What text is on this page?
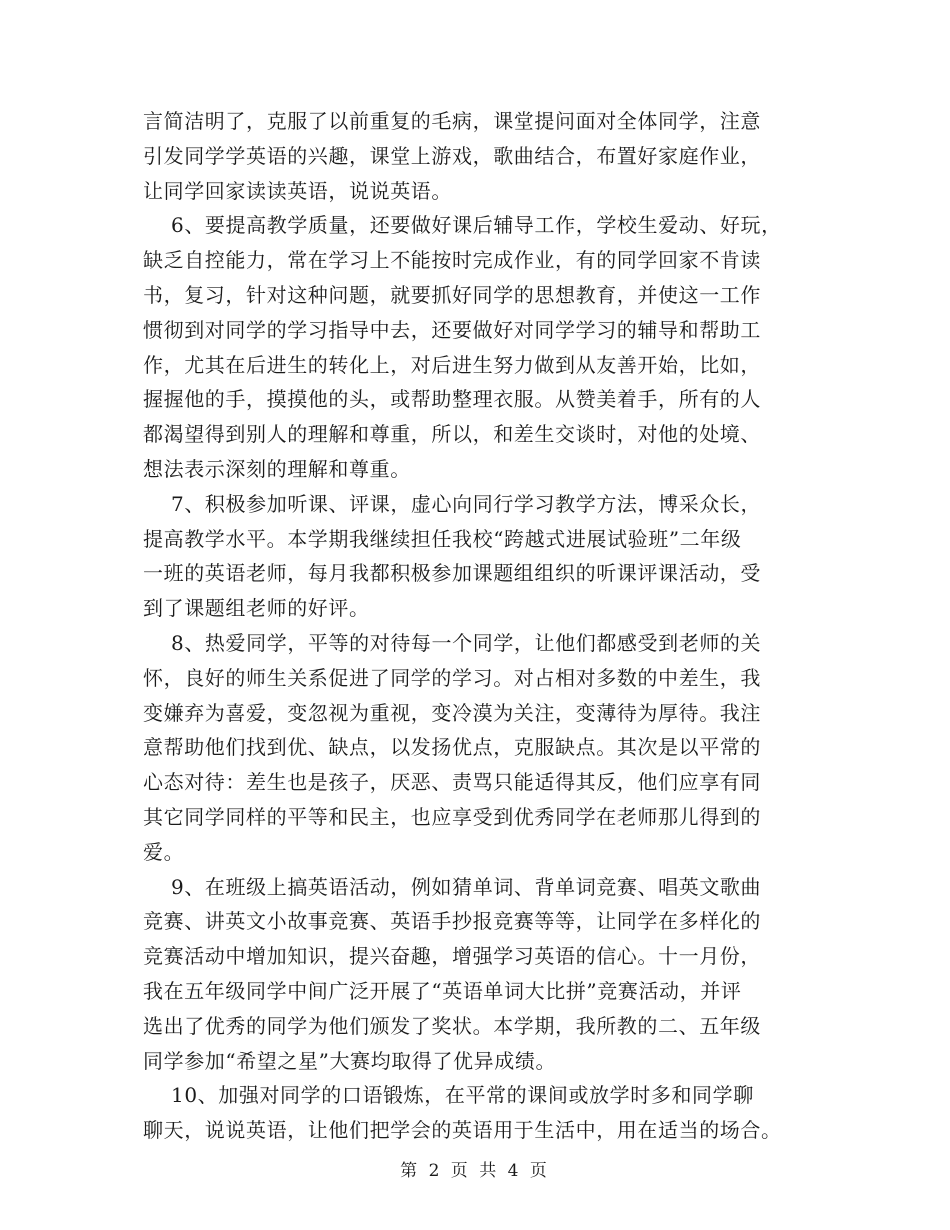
言简洁明了，克服了以前重复的毛病，课堂提问面对全体同学，注意
引发同学学英语的兴趣，课堂上游戏，歌曲结合，布置好家庭作业，
让同学回家读读英语，说说英语。
6、要提高教学质量，还要做好课后辅导工作，学校生爱动、好玩，
缺乏自控能力，常在学习上不能按时完成作业，有的同学回家不肯读
书，复习，针对这种问题，就要抓好同学的思想教育，并使这一工作
惯彻到对同学的学习指导中去，还要做好对同学学习的辅导和帮助工
作，尤其在后进生的转化上，对后进生努力做到从友善开始，比如，
握握他的手，摸摸他的头，或帮助整理衣服。从赞美着手，所有的人
都渴望得到别人的理解和尊重，所以，和差生交谈时，对他的处境、
想法表示深刻的理解和尊重。
7、积极参加听课、评课，虚心向同行学习教学方法，博采众长，
提高教学水平。本学期我继续担任我校“跨越式进展试验班”二年级
一班的英语老师，每月我都积极参加课题组组织的听课评课活动，受
到了课题组老师的好评。
8、热爱同学，平等的对待每一个同学，让他们都感受到老师的关
怀，良好的师生关系促进了同学的学习。对占相对多数的中差生，我
变嫌弃为喜爱，变忽视为重视，变冷漠为关注，变薄待为厚待。我注
意帮助他们找到优、缺点，以发扬优点，克服缺点。其次是以平常的
心态对待：差生也是孩子，厌恶、责骂只能适得其反，他们应享有同
其它同学同样的平等和民主，也应享受到优秀同学在老师那儿得到的
爱。
9、在班级上搞英语活动，例如猜单词、背单词竞赛、唱英文歌曲
竞赛、讲英文小故事竞赛、英语手抄报竞赛等等，让同学在多样化的
竞赛活动中增加知识，提兴奋趣，增强学习英语的信心。十一月份，
我在五年级同学中间广泛开展了“英语单词大比拼”竞赛活动，并评
选出了优秀的同学为他们颁发了奖状。本学期，我所教的二、五年级
同学参加“希望之星”大赛均取得了优异成绩。
10、加强对同学的口语锻炼，在平常的课间或放学时多和同学聊
聊天，说说英语，让他们把学会的英语用于生活中，用在适当的场合。
第 2 页 共 4 页
